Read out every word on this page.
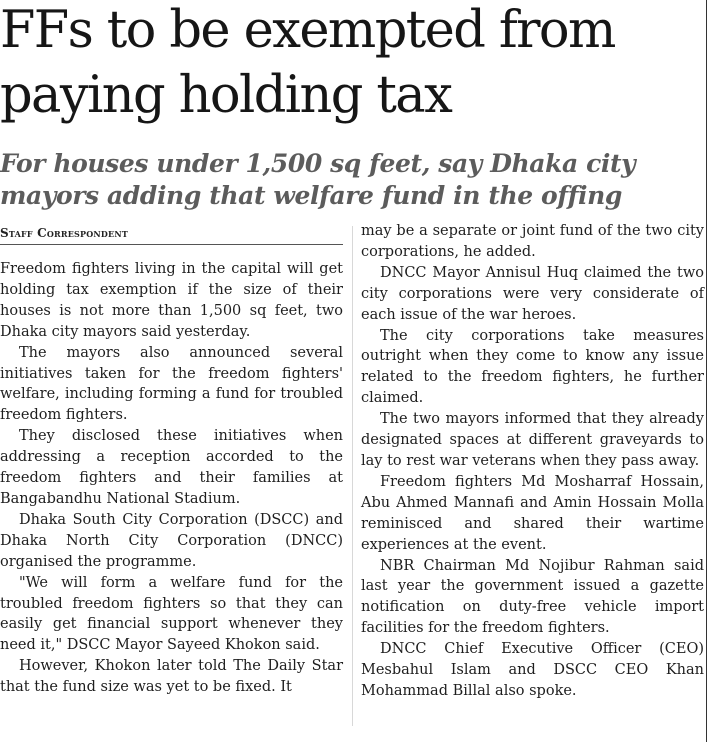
FFs to be exempted from
paying holding tax
For houses under 1,500 sq feet, say Dhaka city
mayors adding that welfare fund in the offing
Staff Correspondent

Freedom fighters living in the capital will get holding tax exemption if the size of their houses is not more than 1,500 sq feet, two Dhaka city mayors said yesterday.

The mayors also announced several initiatives taken for the freedom fighters' welfare, including forming a fund for troubled freedom fighters.

They disclosed these initiatives when addressing a reception accorded to the freedom fighters and their families at Bangabandhu National Stadium.

Dhaka South City Corporation (DSCC) and Dhaka North City Corporation (DNCC) organised the programme.

"We will form a welfare fund for the troubled freedom fighters so that they can easily get financial support whenever they need it," DSCC Mayor Sayeed Khokon said.

However, Khokon later told The Daily Star that the fund size was yet to be fixed. It

may be a separate or joint fund of the two city corporations, he added.

DNCC Mayor Annisul Huq claimed the two city corporations were very considerate of each issue of the war heroes.

The city corporations take measures outright when they come to know any issue related to the freedom fighters, he further claimed.

The two mayors informed that they already designated spaces at different graveyards to lay to rest war veterans when they pass away.

Freedom fighters Md Mosharraf Hossain, Abu Ahmed Mannafi and Amin Hossain Molla reminisced and shared their wartime experiences at the event.

NBR Chairman Md Nojibur Rahman said last year the government issued a gazette notification on duty-free vehicle import facilities for the freedom fighters.

DNCC Chief Executive Officer (CEO) Mesbahul Islam and DSCC CEO Khan Mohammad Billal also spoke.
